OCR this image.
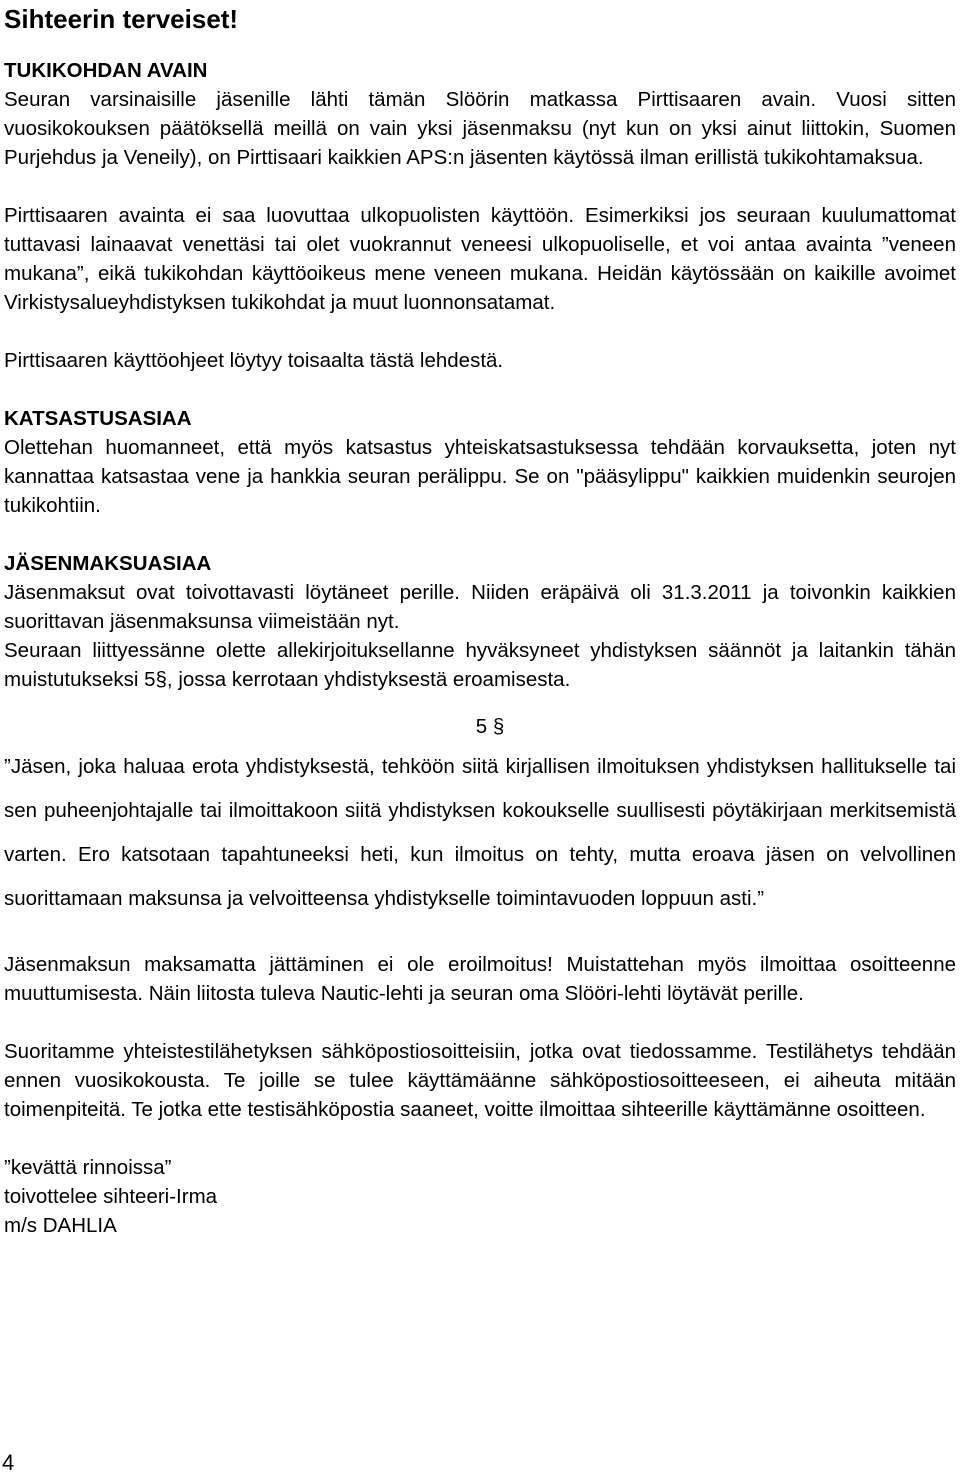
Sihteerin terveiset!
TUKIKOHDAN AVAIN

Seuran varsinaisille jäsenille lähti tämän Slöörin matkassa Pirttisaaren avain. Vuosi sitten vuosikokouksen päätöksellä meillä on vain yksi jäsenmaksu (nyt kun on yksi ainut liittokin, Suomen Purjehdus ja Veneily), on Pirttisaari kaikkien APS:n jäsenten käytössä ilman erillistä tukikohtamaksua.

Pirttisaaren avainta ei saa luovuttaa ulkopuolisten käyttöön. Esimerkiksi jos seuraan kuulumattomat tuttavasi lainaavat venettäsi tai olet vuokrannut veneesi ulkopuoliselle, et voi antaa avainta ”veneen mukana”, eikä tukikohdan käyttöoikeus mene veneen mukana. Heidän käytössään on kaikille avoimet Virkistysalueyhdistyksen tukikohdat ja muut luonnonsatamat.

Pirttisaaren käyttöohjeet löytyy toisaalta tästä lehdestä.

KATSASTUSASIAA

Olettehan huomanneet, että myös katsastus yhteiskatsastuksessa tehdään korvauksetta, joten nyt kannattaa katsastaa vene ja hankkia seuran perälippu. Se on "pääsylippu" kaikkien muidenkin seurojen tukikohtiin.

JÄSENMAKSUASIAA

Jäsenmaksut ovat toivottavasti löytäneet perille. Niiden eräpäivä oli 31.3.2011 ja toivonkin kaikkien suorittavan jäsenmaksunsa viimeistään nyt.

Seuraan liittyessänne olette allekirjoituksellanne hyväksyneet yhdistyksen säännöt ja laitankin tähän muistutukseksi 5§, jossa kerrotaan yhdistyksestä eroamisesta.

5 §

”Jäsen, joka haluaa erota yhdistyksestä, tehköön siitä kirjallisen ilmoituksen yhdistyksen hallitukselle tai sen puheenjohtajalle tai ilmoittakoon siitä yhdistyksen kokoukselle suullisesti pöytäkirjaan merkitsemistä varten. Ero katsotaan tapahtuneeksi heti, kun ilmoitus on tehty, mutta eroava jäsen on velvollinen suorittamaan maksunsa ja velvoitteensa yhdistykselle toimintavuoden loppuun asti.”

Jäsenmaksun maksamatta jättäminen ei ole eroilmoitus! Muistattehan myös ilmoittaa osoitteenne muuttumisesta. Näin liitosta tuleva Nautic-lehti ja seuran oma Slööri-lehti löytävät perille.

Suoritamme yhteistestilähetyksen sähköpostiosoitteisiin, jotka ovat tiedossamme. Testilähetys tehdään ennen vuosikokousta. Te joille se tulee käyttämäänne sähköpostiosoitteeseen, ei aiheuta mitään toimenpiteitä. Te jotka ette testisähköpostia saaneet, voitte ilmoittaa sihteerille käyttämänne osoitteen.

”kevättä rinnoissa”
toivottelee sihteeri-Irma
m/s DAHLIA
4
